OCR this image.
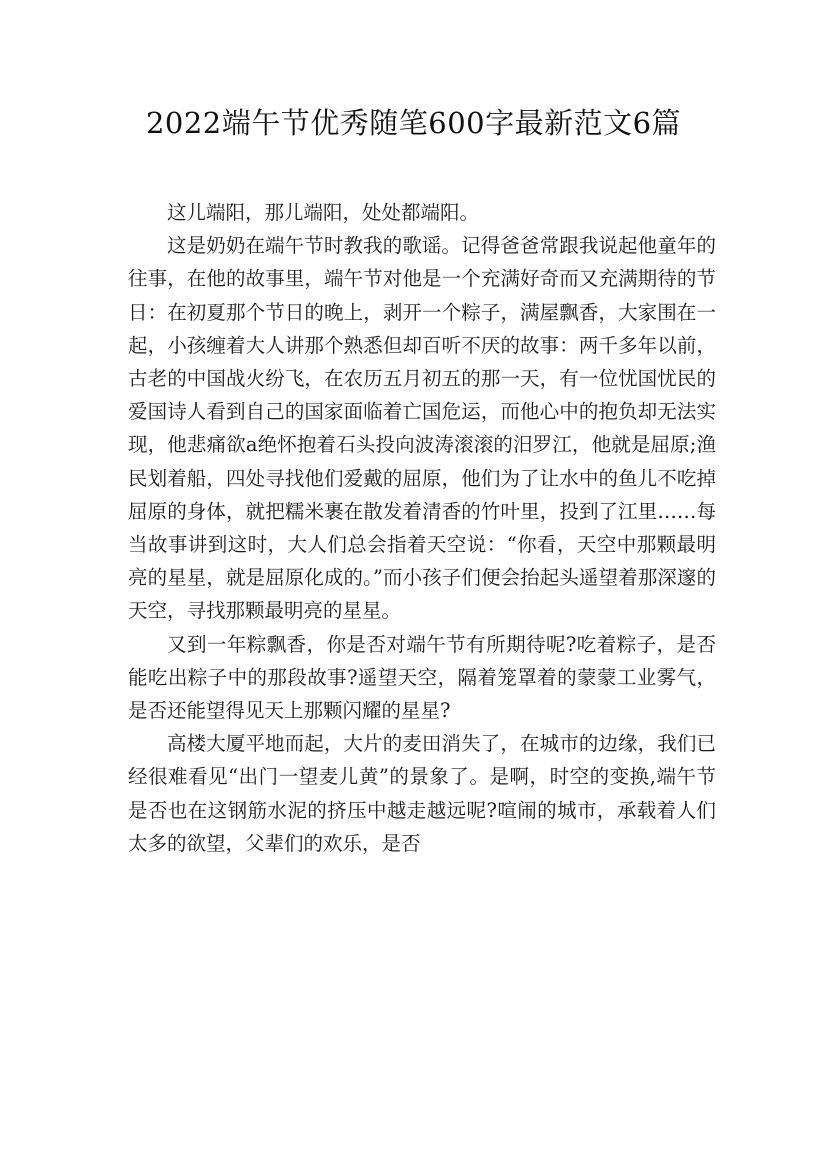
2022端午节优秀随笔600字最新范文6篇

这儿端阳，那儿端阳，处处都端阳。

这是奶奶在端午节时教我的歌谣。记得爸爸常跟我说起他童年的往事，在他的故事里，端午节对他是一个充满好奇而又充满期待的节日：在初夏那个节日的晚上，剥开一个粽子，满屋飘香，大家围在一起，小孩缠着大人讲那个熟悉但却百听不厌的故事：两千多年以前，古老的中国战火纷飞，在农历五月初五的那一天，有一位忧国忧民的爱国诗人看到自己的国家面临着亡国危运，而他心中的抱负却无法实现，他悲痛欲a绝怀抱着石头投向波涛滚滚的汨罗江，他就是屈原;渔民划着船，四处寻找他们爱戴的屈原，他们为了让水中的鱼儿不吃掉屈原的身体，就把糯米裹在散发着清香的竹叶里，投到了江里……每当故事讲到这时，大人们总会指着天空说：“你看，天空中那颗最明亮的星星，就是屈原化成的。”而小孩子们便会抬起头遥望着那深邃的天空，寻找那颗最明亮的星星。

又到一年粽飘香，你是否对端午节有所期待呢?吃着粽子，是否能吃出粽子中的那段故事?遥望天空，隔着笼罩着的蒙蒙工业雾气，是否还能望得见天上那颗闪耀的星星?

高楼大厦平地而起，大片的麦田消失了，在城市的边缘，我们已经很难看见“出门一望麦儿黄”的景象了。是啊，时空的变换,端午节是否也在这钢筋水泥的挤压中越走越远呢?喧闹的城市，承载着人们太多的欲望，父辈们的欢乐，是否
